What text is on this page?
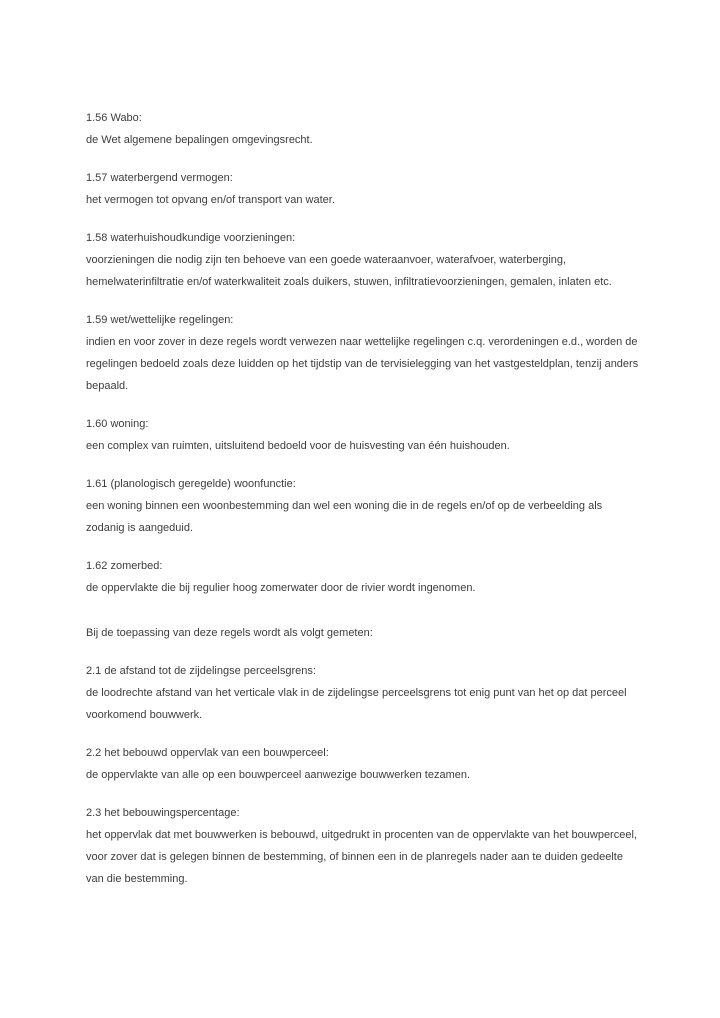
1.56 Wabo:
de Wet algemene bepalingen omgevingsrecht.
1.57 waterbergend vermogen:
het vermogen tot opvang en/of transport van water.
1.58 waterhuishoudkundige voorzieningen:
voorzieningen die nodig zijn ten behoeve van een goede wateraanvoer, waterafvoer, waterberging,
hemelwaterinfiltratie en/of waterkwaliteit zoals duikers, stuwen, infiltratievoorzieningen, gemalen, inlaten etc.
1.59 wet/wettelijke regelingen:
indien en voor zover in deze regels wordt verwezen naar wettelijke regelingen c.q. verordeningen e.d., worden de
regelingen bedoeld zoals deze luidden op het tijdstip van de tervisielegging van het vastgesteldplan, tenzij anders
bepaald.
1.60 woning:
een complex van ruimten, uitsluitend bedoeld voor de huisvesting van één huishouden.
1.61 (planologisch geregelde) woonfunctie:
een woning binnen een woonbestemming dan wel een woning die in de regels en/of op de verbeelding als
zodanig is aangeduid.
1.62 zomerbed:
de oppervlakte die bij regulier hoog zomerwater door de rivier wordt ingenomen.
Bij de toepassing van deze regels wordt als volgt gemeten:
2.1 de afstand tot de zijdelingse perceelsgrens:
de loodrechte afstand van het verticale vlak in de zijdelingse perceelsgrens tot enig punt van het op dat perceel
voorkomend bouwwerk.
2.2 het bebouwd oppervlak van een bouwperceel:
de oppervlakte van alle op een bouwperceel aanwezige bouwwerken tezamen.
2.3 het bebouwingspercentage:
het oppervlak dat met bouwwerken is bebouwd, uitgedrukt in procenten van de oppervlakte van het bouwperceel,
voor zover dat is gelegen binnen de bestemming, of binnen een in de planregels nader aan te duiden gedeelte
van die bestemming.
